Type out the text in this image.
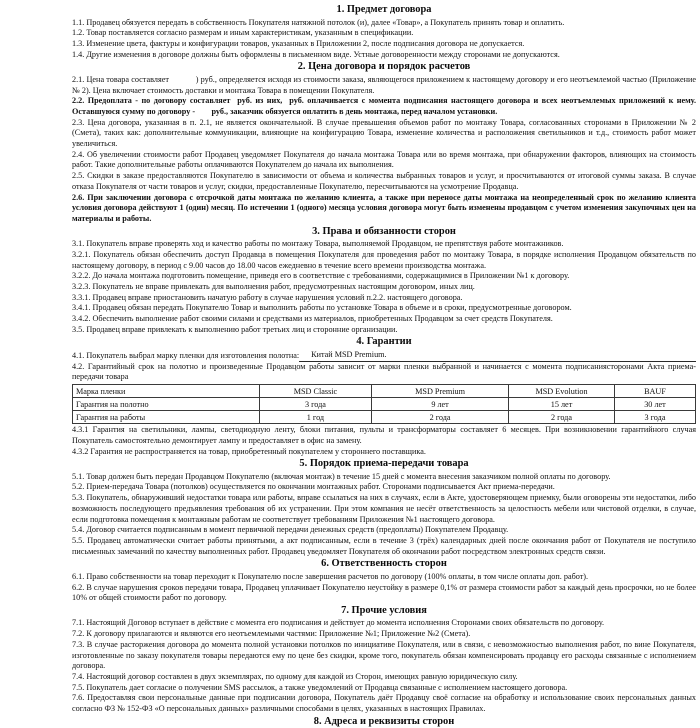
1. Предмет договора

1.1. Продавец обязуется передать в собственность Покупателя натяжной потолок (и), далее «Товар», а Покупатель принять товар и оплатить.

1.2. Товар поставляется согласно размерам и иным характеристикам, указанным в спецификации.

1.3. Изменение цвета, фактуры и конфигурации товаров, указанных в Приложении 2, после подписания договора не допускается.

1.4. Другие изменения в договоре должны быть оформлены в письменном виде. Устные договоренности между сторонами не допускаются.

2. Цена договора и порядок расчетов

2.1. Цена товара составляет            ) руб., определяется исходя из стоимости заказа, являющегося приложением к настоящему договору и его неотъемлемой частью (Приложение № 2). Цена включает стоимость доставки и монтажа Товара в помещении Покупателя.

2.2. Предоплата - по договору составляет  руб. из них,  руб. оплачивается с момента подписания настоящего договора и всех неотъемлемых приложений к нему. Оставшуюся сумму по договору -        руб., заказчик обязуется оплатить в день монтажа, перед началом установки.

2.3. Цена договора, указанная в п. 2.1, не является окончательной. В случае превышения объемов работ по монтажу Товара, согласованных сторонами в Приложении № 2 (Смета), таких как: дополнительные коммуникации, влияющие на конфигурацию Товара, изменение количества и расположения светильников и т.д., стоимость работ может увеличиться.

2.4. Об увеличении стоимости работ Продавец уведомляет Покупателя до начала монтажа Товара или во время монтажа, при обнаружении факторов, влияющих на стоимость работ. Такие дополнительные работы оплачиваются Покупателем до начала их выполнения.

2.5. Скидки в заказе предоставляются Покупателю в зависимости от объема и количества выбранных товаров и услуг, и просчитываются от итоговой суммы заказа. В случае отказа Покупателя от части товаров и услуг, скидки, предоставленные Покупателю, пересчитываются на усмотрение Продавца.

2.6. При заключении договора с отсрочкой даты монтажа по желанию клиента, а также при переносе даты монтажа на неопределенный срок по желанию клиента условия договора действуют 1 (один) месяц. По истечении 1 (одного) месяца условия договора могут быть изменены продавцом с учетом изменения закупочных цен на материалы и работы.

3. Права и обязанности сторон

3.1. Покупатель вправе проверять ход и качество работы по монтажу Товара, выполняемой Продавцом, не препятствуя работе монтажников.

3.2.1. Покупатель обязан обеспечить доступ Продавца в помещения Покупателя для проведения работ по монтажу Товара, в порядке исполнения Продавцом обязательств по настоящему договору, в период с 9.00 часов до 18.00 часов ежедневно в течение всего времени производства монтажа.

3.2.2. До начала монтажа подготовить помещение, приведя его в соответствие с требованиями, содержащимися в Приложении №1 к договору.

3.2.3. Покупатель не вправе привлекать для выполнения работ, предусмотренных настоящим договором, иных лиц.

3.3.1. Продавец вправе приостановить начатую работу в случае нарушения условий п.2.2. настоящего договора.

3.4.1. Продавец обязан передать Покупателю Товар и выполнить работы по установке Товара в объеме и в сроки, предусмотренные договором.

3.4.2. Обеспечить выполнение работ своими силами и средствами из материалов, приобретенных Продавцом за счет средств Покупателя.

3.5. Продавец вправе привлекать к выполнению работ третьих лиц и сторонние организации.

4. Гарантии
4.1. Покупатель выбрал марку пленки для изготовления полотна:	Китай MSD Premium.

4.2. Гарантийный срок на полотно и произведенные Продавцом работы зависит от марки пленки выбранной и начинается с момента подписаниясторонами Акта приема-передачи товара

Марка пленки	MSD Classic	MSD Premium	MSD Evolution	BAUF
Гарантия на полотно	3 года	9 лет	15 лет	30 лет
Гарантия на работы	1 год	2 года	2 года	3 года

4.3.1 Гарантия на светильники, лампы, светодиодную ленту, блоки питания, пульты и трансформаторы составляет 6 месяцев. При возникновении гарантийного случая Покупатель самостоятельно демонтирует лампу и предоставляет в офис на замену.

4.3.2 Гарантия не распространяется на товар, приобретенный покупателем у стороннего поставщика.

5. Порядок приема-передачи товара

5.1. Товар должен быть передан Продавцом Покупателю (включая монтаж) в течение 15 дней с момента внесения заказчиком полной оплаты по договору.

5.2. Прием-передача Товара (потолков) осуществляется по окончании монтажных работ. Сторонами подписывается Акт приема-передачи.

5.3. Покупатель, обнаруживший недостатки товара или работы, вправе ссылаться на них в случаях, если в Акте, удостоверяющем приемку, были оговорены эти недостатки, либо возможность последующего предъявления требования об их устранении. При этом компания не несёт ответственность за целостность мебели или чистовой отделки, в случае, если подготовка помещения к монтажным работам не соответствует требованиям Приложения №1 настоящего договора.

5.4. Договор считается подписанным в момент первичной передачи денежных средств (предоплаты) Покупателем Продавцу.

5.5. Продавец автоматически считает работы принятыми, а акт подписанным, если в течение 3 (трёх) календарных дней после окончания работ от Покупателя не поступило письменных замечаний по качеству выполненных работ. Продавец уведомляет Покупателя об окончании работ посредством электронных средств связи.

6. Ответственность сторон

6.1. Право собственности на товар переходит к Покупателю после завершения расчетов по договору (100% оплаты, в том числе оплаты доп. работ).

6.2. В случае нарушения сроков передачи товара, Продавец уплачивает Покупателю неустойку в размере 0,1% от размера стоимости работ за каждый день просрочки, но не более 10% от общей стоимости работ по договору.

7. Прочие условия

7.1. Настоящий Договор вступает в действие с момента его подписания и действует до момента исполнения Сторонами своих обязательств по договору.

7.2. К договору прилагаются и являются его неотъемлемыми частями: Приложение №1; Приложение №2 (Смета).

7.3. В случае расторжения договора до момента полной установки потолков по инициативе Покупателя, или в связи, с невозможностью выполнения работ, по вине Покупателя, изготовленные по заказу покупателя товары передаются ему по цене без скидки, кроме того, покупатель обязан компенсировать продавцу его расходы связанные с исполнением договора.

7.4. Настоящий договор составлен в двух экземплярах, по одному для каждой из Сторон, имеющих равную юридическую силу.

7.5. Покупатель дает согласие о получении SMS рассылок, а также уведомлений от Продавца связанные с исполнением настоящего договора.

7.6. Предоставляя свои персональные данные при подписании договора, Покупатель даёт Продавцу своё согласие на обработку и использование своих персональных данных согласно ФЗ № 152-ФЗ «О персональных данных» различными способами в целях, указанных в настоящих Правилах.

8. Адреса и реквизиты сторон
